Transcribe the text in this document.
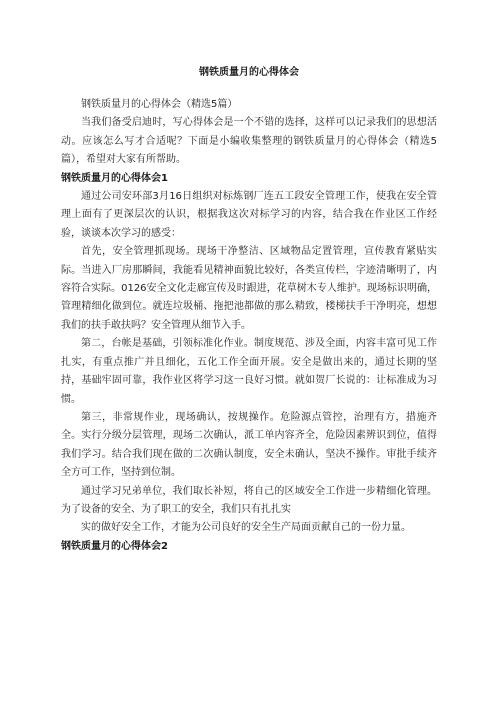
钢铁质量月的心得体会

钢铁质量月的心得体会（精选5篇）

当我们备受启迪时，写心得体会是一个不错的选择，这样可以记录我们的思想活动。应该怎么写才合适呢？下面是小编收集整理的钢铁质量月的心得体会（精选5篇），希望对大家有所帮助。

钢铁质量月的心得体会1

通过公司安环部3月16日组织对标炼钢厂连五工段安全管理工作，使我在安全管理上面有了更深层次的认识，根据我这次对标学习的内容，结合我在作业区工作经验，谈谈本次学习的感受：

首先，安全管理抓现场。现场干净整洁、区域物品定置管理，宣传教育紧贴实际。当进入厂房那瞬间，我能看见精神面貌比较好，各类宣传栏，字迹清晰明了，内容符合实际。0126安全文化走廊宣传及时跟进，花草树木专人维护。现场标识明确，管理精细化做到位。就连垃圾桶、拖把池都做的那么精致，楼梯扶手干净明亮，想想我们的扶手敢扶吗？安全管理从细节入手。

第二，台帐是基础，引领标准化作业。制度规范、涉及全面，内容丰富可见工作扎实，有重点推广并且细化，五化工作全面开展。安全是做出来的，通过长期的坚持，基础牢固可靠，我作业区将学习这一良好习惯。就如贺厂长说的：让标准成为习惯。

第三，非常规作业，现场确认，按规操作。危险源点管控，治理有方，措施齐全。实行分级分层管理，现场二次确认，派工单内容齐全，危险因素辨识到位，值得我们学习。结合我们现在做的二次确认制度，安全未确认，坚决不操作。审批手续齐全方可工作，坚持到位制。

通过学习兄弟单位，我们取长补短，将自己的区域安全工作进一步精细化管理。为了设备的安全、为了职工的安全，我们只有扎扎实

实的做好安全工作，才能为公司良好的安全生产局面贡献自己的一份力量。

钢铁质量月的心得体会2
